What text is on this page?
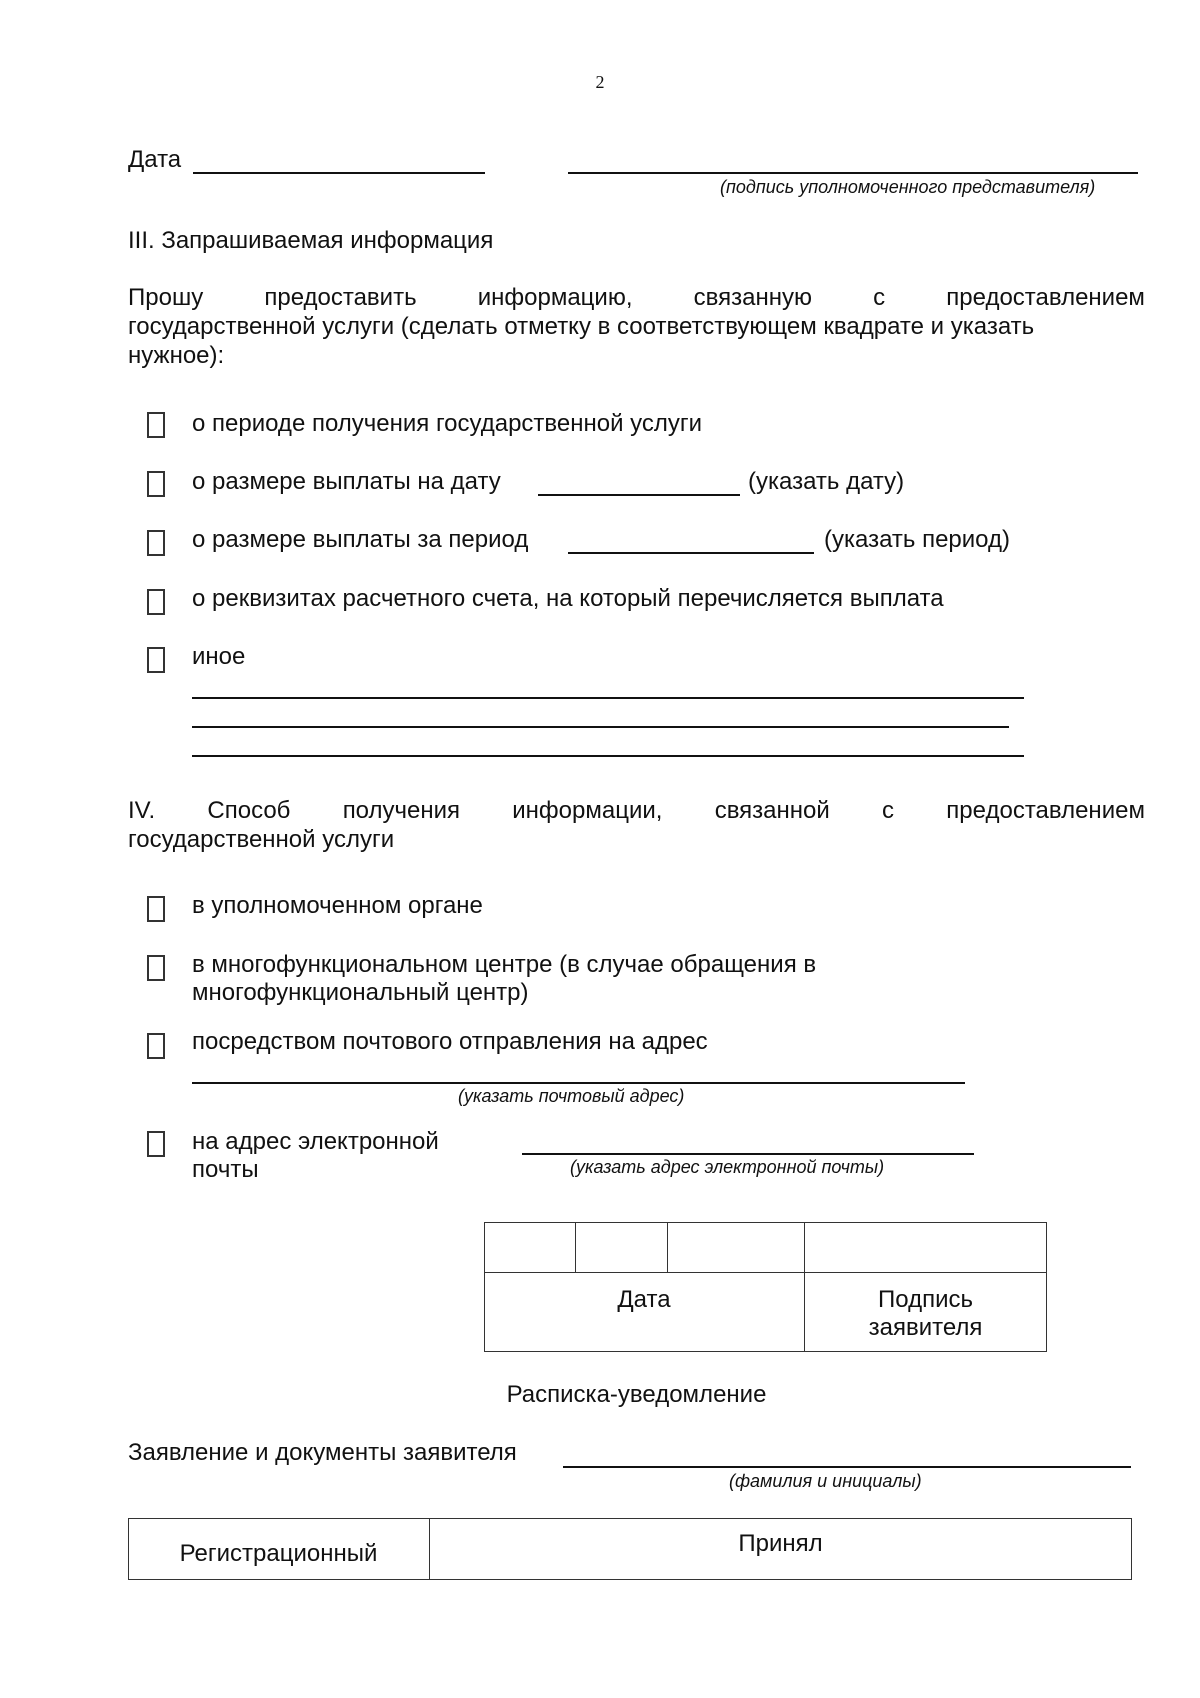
2
Дата
(подпись уполномоченного представителя)
III. Запрашиваемая информация
Прошу	предоставить	информацию,	связанную	с	предоставлением
государственной услуги (сделать отметку в соответствующем квадрате и указать
нужное):
о периоде получения государственной услуги
о размере выплаты на дату	(указать дату)
о размере выплаты за период	(указать период)
о реквизитах расчетного счета, на который перечисляется выплата
иное
IV. Способ получения информации, связанной с предоставлением
государственной услуги
в уполномоченном органе
в многофункциональном центре (в случае обращения в
многофункциональный центр)
посредством почтового отправления на адрес
(указать почтовый адрес)
на адрес электронной
почты	(указать адрес электронной почты)
Дата	Подпись
заявителя
Расписка-уведомление
Заявление и документы заявителя
(фамилия и инициалы)
Регистрационный	Принял
